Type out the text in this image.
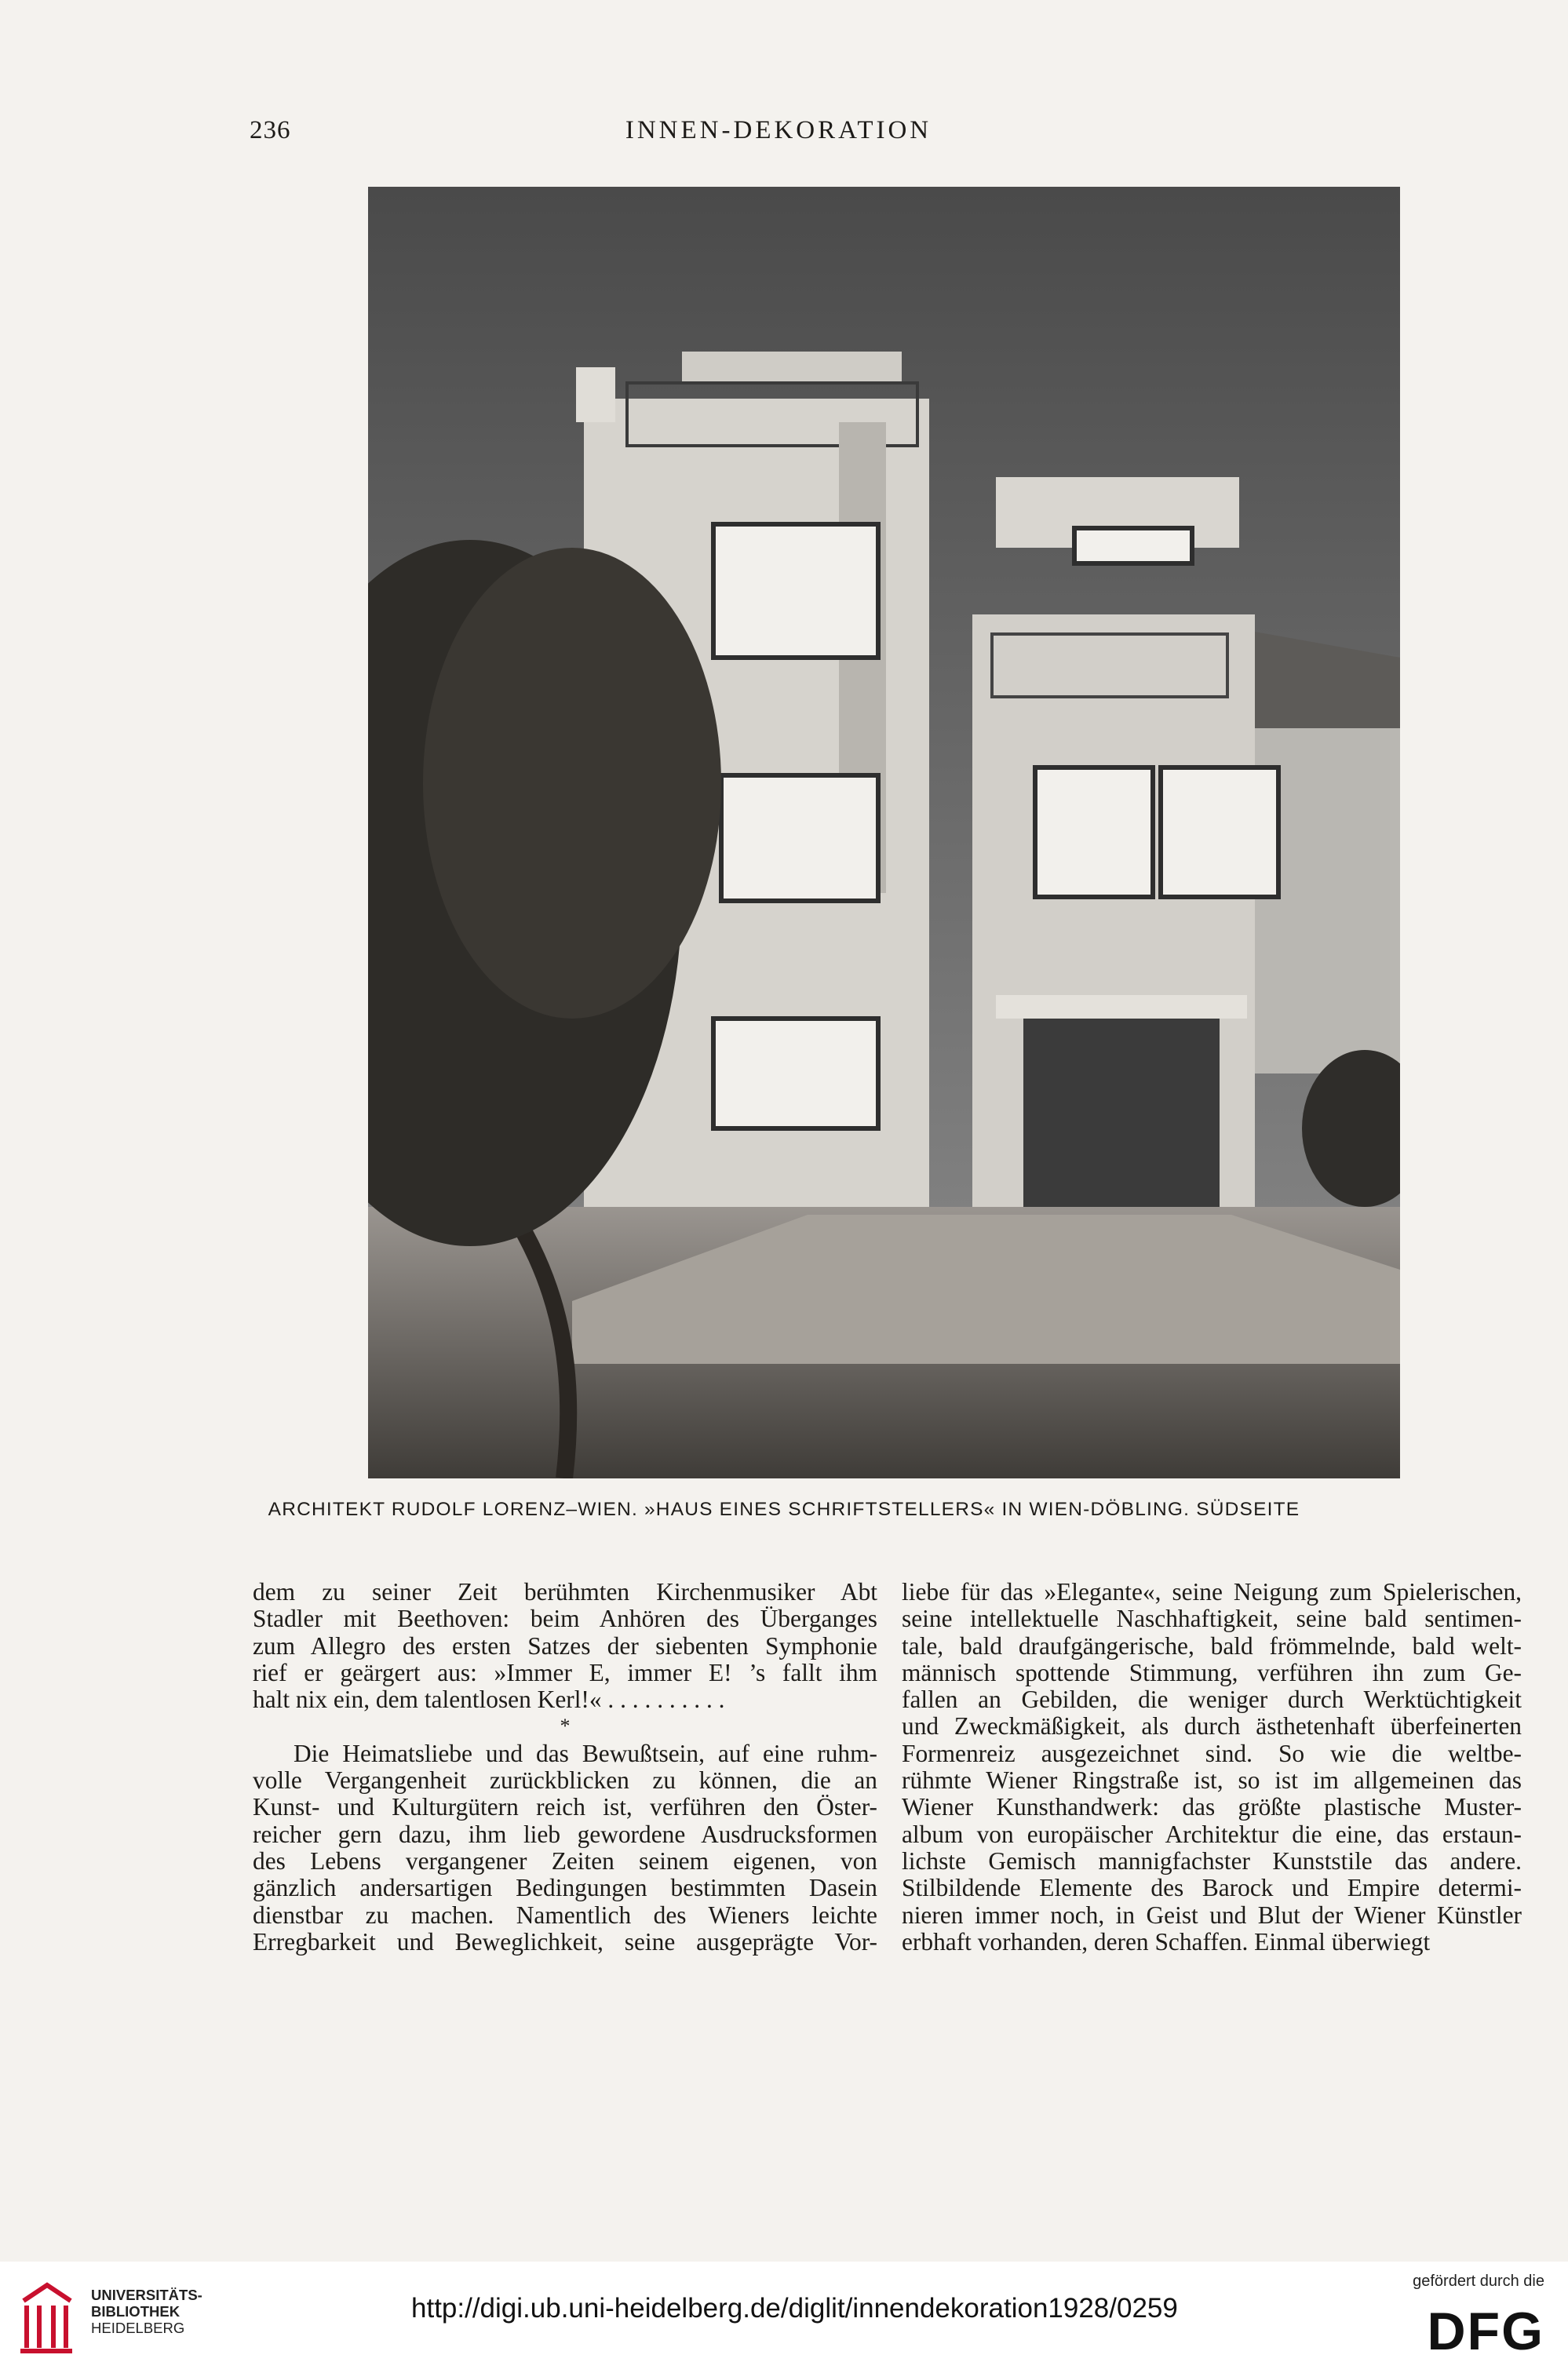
236	INNEN-DEKORATION
ARCHITEKT RUDOLF LORENZ–WIEN. »HAUS EINES SCHRIFTSTELLERS« IN WIEN-DÖBLING. SÜDSEITE
dem zu seiner Zeit berühmten Kirchenmusiker Abt
Stadler mit Beethoven: beim Anhören des Überganges
zum Allegro des ersten Satzes der siebenten Symphonie
rief er geärgert aus: »Immer E, immer E! ’s fallt ihm
halt nix ein, dem talentlosen Kerl!« . . . . . . . . . .
*
Die Heimatsliebe und das Bewußtsein, auf eine ruhm-
volle Vergangenheit zurückblicken zu können, die an
Kunst- und Kulturgütern reich ist, verführen den Öster-
reicher gern dazu, ihm lieb gewordene Ausdrucksformen
des Lebens vergangener Zeiten seinem eigenen, von
gänzlich andersartigen Bedingungen bestimmten Dasein
dienstbar zu machen. Namentlich des Wieners leichte
Erregbarkeit und Beweglichkeit, seine ausgeprägte Vor-
liebe für das »Elegante«, seine Neigung zum Spielerischen,
seine intellektuelle Naschhaftigkeit, seine bald sentimen-
tale, bald draufgängerische, bald frömmelnde, bald welt-
männisch spottende Stimmung, verführen ihn zum Ge-
fallen an Gebilden, die weniger durch Werktüchtigkeit
und Zweckmäßigkeit, als durch ästhetenhaft überfeinerten
Formenreiz ausgezeichnet sind. So wie die weltbe-
rühmte Wiener Ringstraße ist, so ist im allgemeinen das
Wiener Kunsthandwerk: das größte plastische Muster-
album von europäischer Architektur die eine, das erstaun-
lichste Gemisch mannigfachster Kunststile das andere.
Stilbildende Elemente des Barock und Empire determi-
nieren immer noch, in Geist und Blut der Wiener Künstler
erbhaft vorhanden, deren Schaffen. Einmal überwiegt
UNIVERSITÄTS-
BIBLIOTHEK
HEIDELBERG
http://digi.ub.uni-heidelberg.de/diglit/innendekoration1928/0259
gefördert durch die
DFG
